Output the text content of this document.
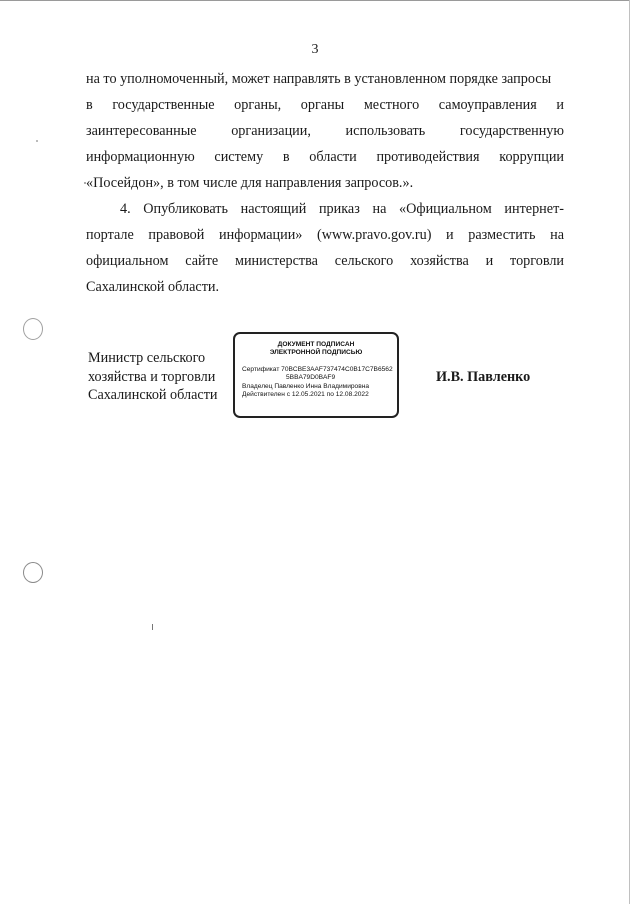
3

на то уполномоченный, может направлять в установленном порядке запросы

в государственные органы, органы местного самоуправления и

заинтересованные организации, использовать государственную

информационную систему в области противодействия коррупции

«Посейдон», в том числе для направления запросов.».

4. Опубликовать настоящий приказ на «Официальном интернет-

портале правовой информации» (www.pravo.gov.ru) и разместить на

официальном сайте министерства сельского хозяйства и торговли

Сахалинской области.

Министр сельского
хозяйства и торговли
Сахалинской области
ДОКУМЕНТ ПОДПИСАН
ЭЛЕКТРОННОЙ ПОДПИСЬЮ
Сертификат 70BCBE3AAF737474C0B17C7B6562
5BBA79D0BAF9
Владелец Павленко Инна Владимировна
Действителен с 12.05.2021 по 12.08.2022
И.В. Павленко
